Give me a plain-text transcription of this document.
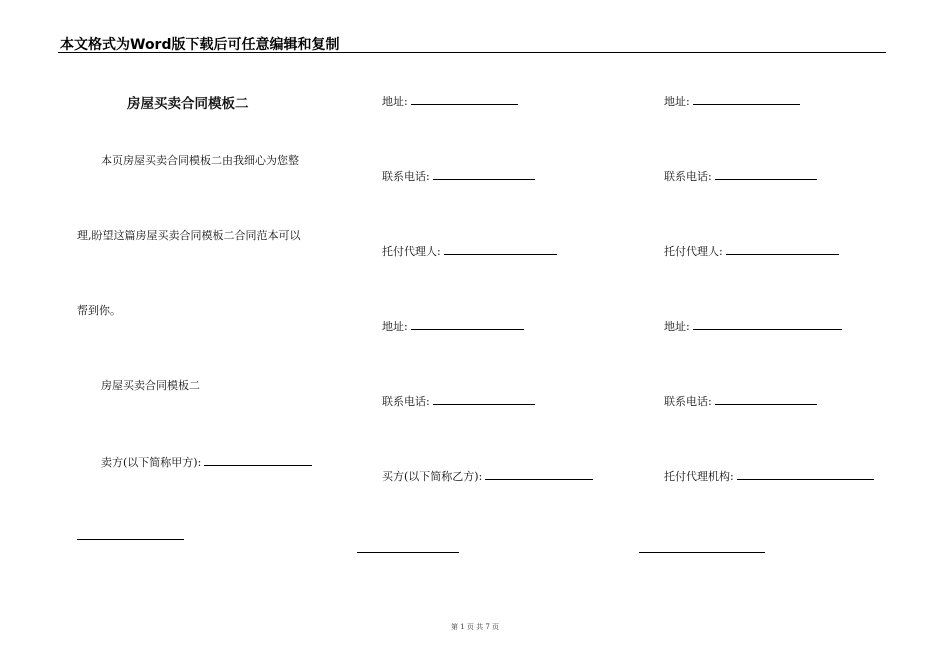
本文格式为Word版下载后可任意编辑和复制
房屋买卖合同模板二
本页房屋买卖合同模板二由我细心为您整
理,盼望这篇房屋买卖合同模板二合同范本可以
帮到你。
房屋买卖合同模板二
卖方(以下简称甲方):
地址:
联系电话:
托付代理人:
地址:
联系电话:
买方(以下简称乙方):
地址:
联系电话:
托付代理人:
地址:
联系电话:
托付代理机构:
第 1 页 共 7 页
